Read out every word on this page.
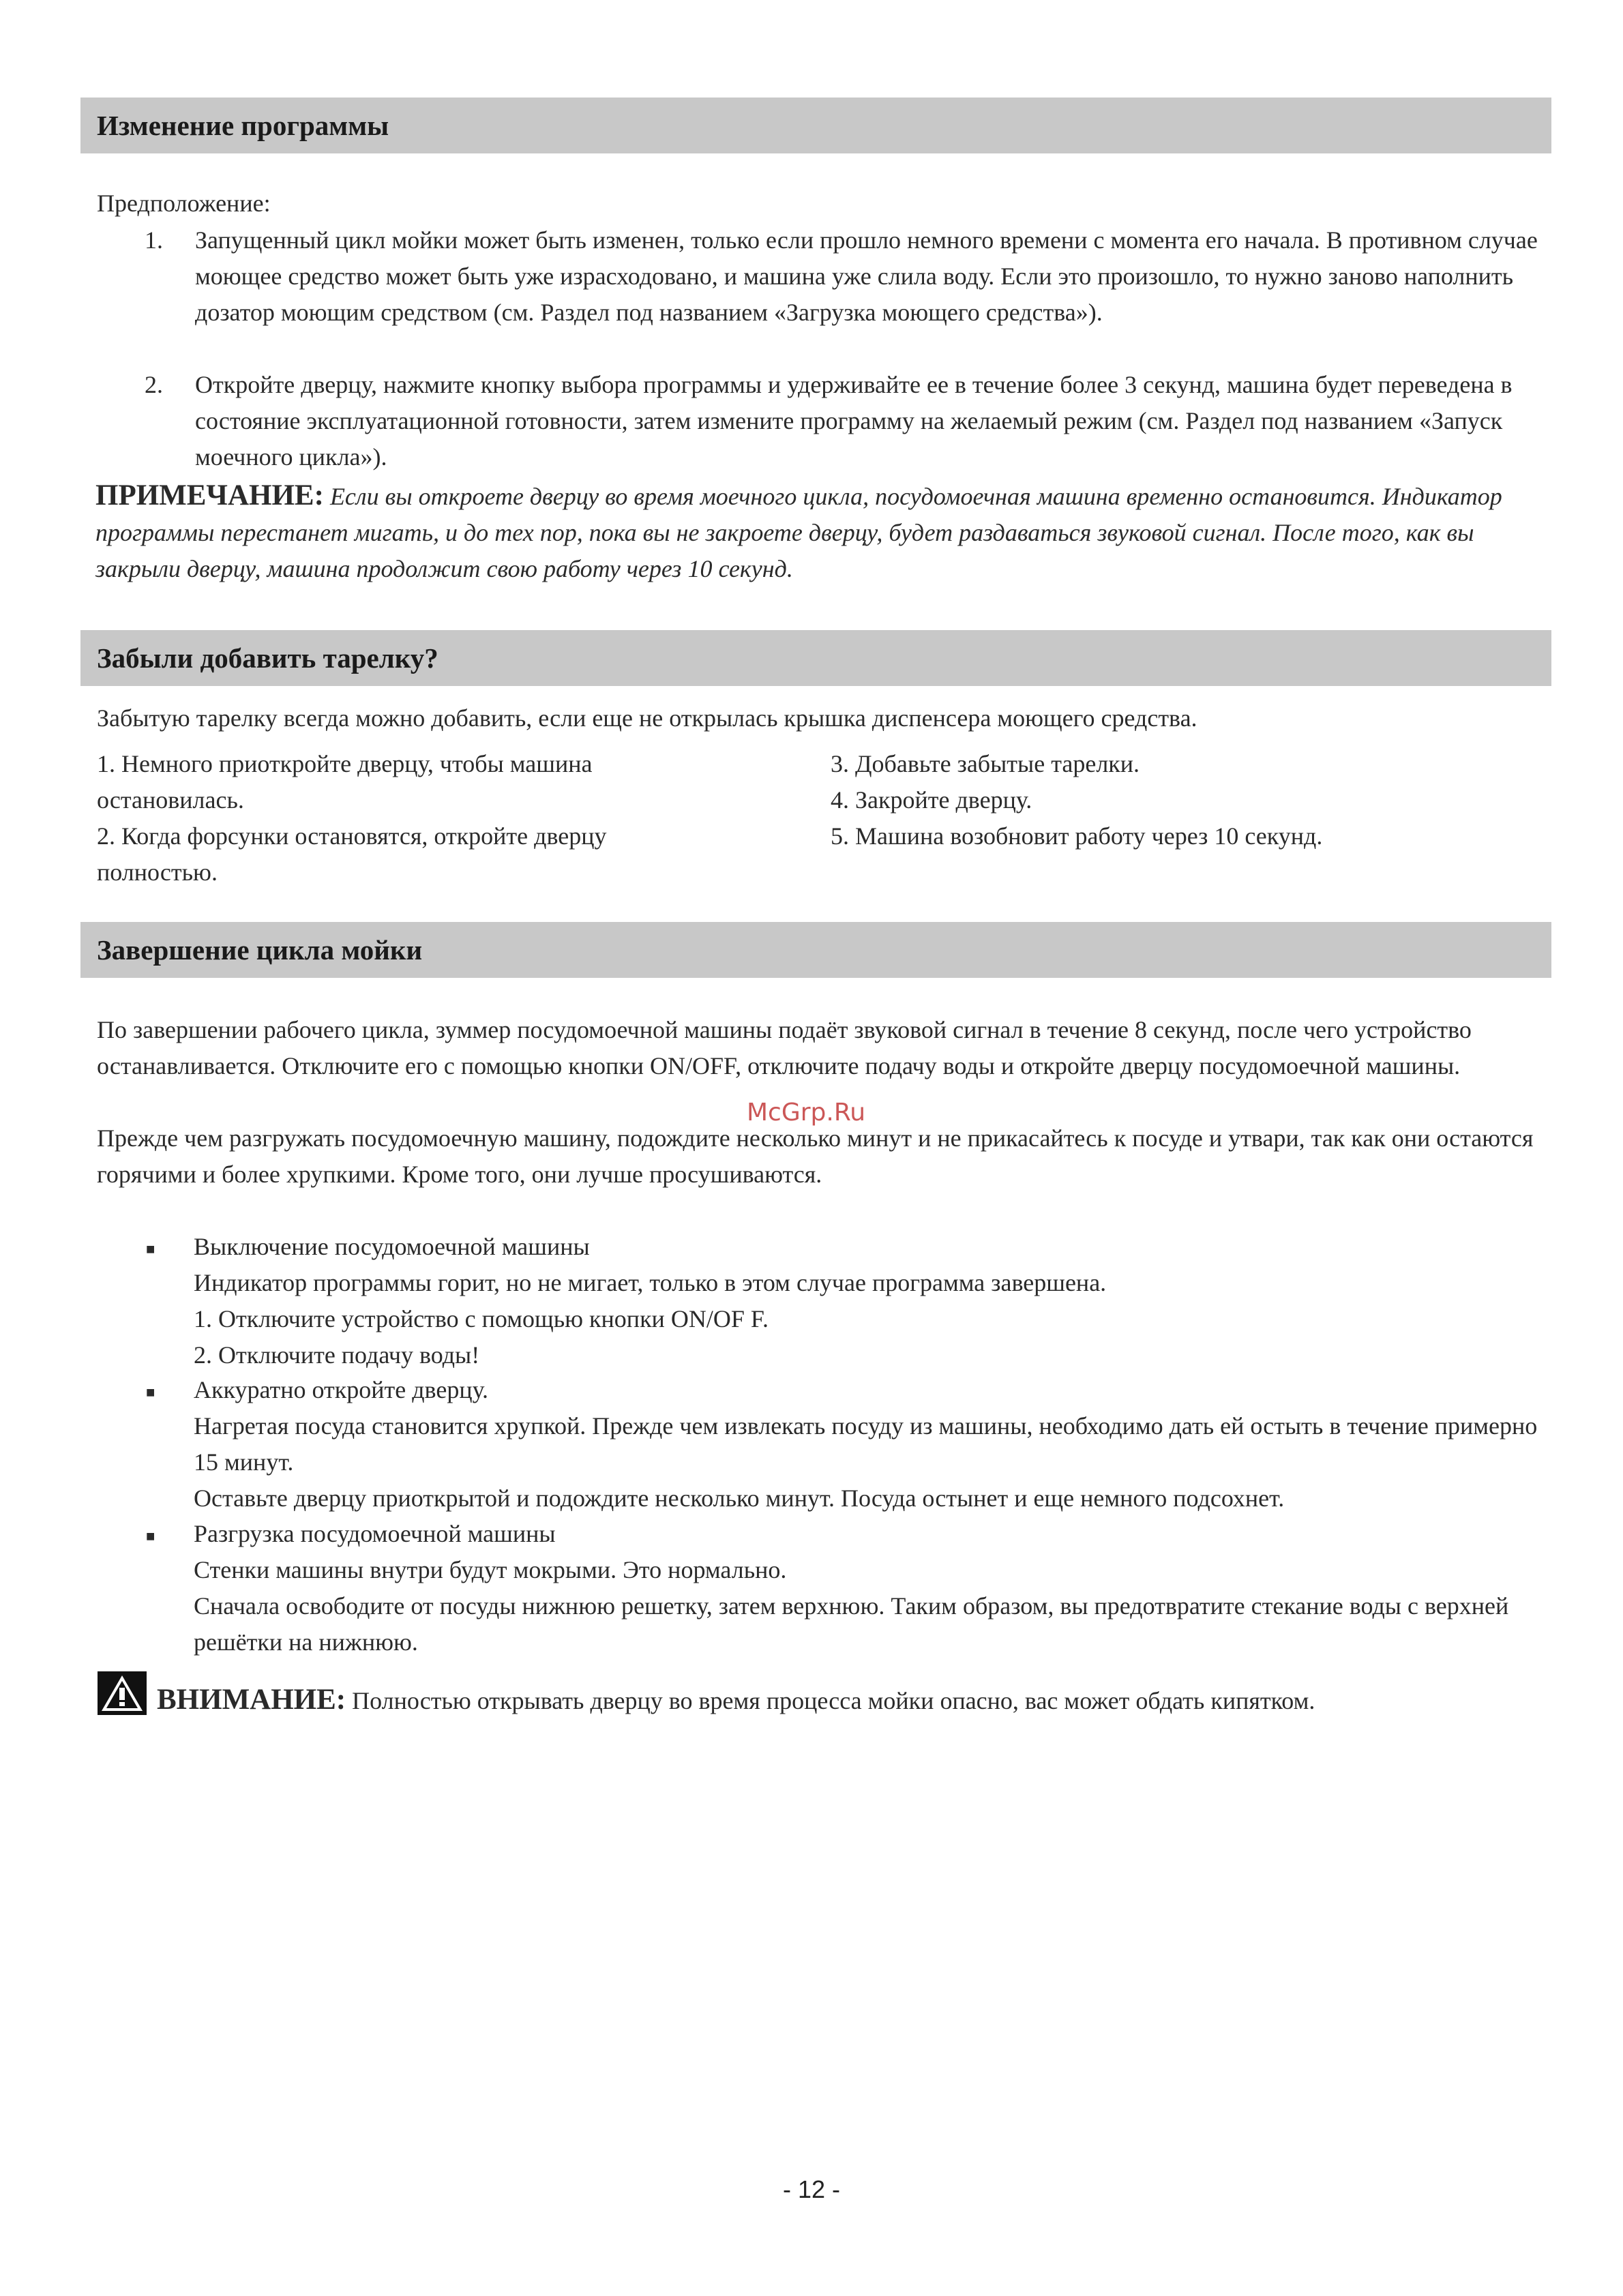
Изменение программы
Предположение:
1. Запущенный цикл мойки может быть изменен, только если прошло немного времени с момента его начала. В противном случае моющее средство может быть уже израсходовано, и машина уже слила воду. Если это произошло, то нужно заново наполнить дозатор моющим средством (см. Раздел под названием «Загрузка моющего средства»).
2. Откройте дверцу, нажмите кнопку выбора программы и удерживайте ее в течение более 3 секунд, машина будет переведена в состояние эксплуатационной готовности, затем измените программу на желаемый режим (см. Раздел под названием «Запуск моечного цикла»).
ПРИМЕЧАНИЕ: Если вы откроете дверцу во время моечного цикла, посудомоечная машина временно остановится. Индикатор программы перестанет мигать, и до тех пор, пока вы не закроете дверцу, будет раздаваться звуковой сигнал. После того, как вы закрыли дверцу, машина продолжит свою работу через 10 секунд.
Забыли добавить тарелку?
Забытую тарелку всегда можно добавить, если еще не открылась крышка диспенсера моющего средства.
1. Немного приоткройте дверцу, чтобы машина остановилась.
2. Когда форсунки остановятся, откройте дверцу полностью.
3. Добавьте забытые тарелки.
4. Закройте дверцу.
5. Машина возобновит работу через 10 секунд.
Завершение цикла мойки
По завершении рабочего цикла, зуммер посудомоечной машины подаёт звуковой сигнал в течение 8 секунд, после чего устройство останавливается. Отключите его с помощью кнопки ON/OFF, отключите подачу воды и откройте дверцу посудомоечной машины.
Прежде чем разгружать посудомоечную машину, подождите несколько минут и не прикасайтесь к посуде и утвари, так как они остаются горячими и более хрупкими. Кроме того, они лучше просушиваются.
■ Выключение посудомоечной машины
Индикатор программы горит, но не мигает, только в этом случае программа завершена.
1. Отключите устройство с помощью кнопки ON/OF F.
2. Отключите подачу воды!
■ Аккуратно откройте дверцу.
Нагретая посуда становится хрупкой. Прежде чем извлекать посуду из машины, необходимо дать ей остыть в течение примерно 15 минут.
Оставьте дверцу приоткрытой и подождите несколько минут. Посуда остынет и еще немного подсохнет.
■ Разгрузка посудомоечной машины
Стенки машины внутри будут мокрыми. Это нормально.
Сначала освободите от посуды нижнюю решетку, затем верхнюю. Таким образом, вы предотвратите стекание воды с верхней решётки на нижнюю.
ВНИМАНИЕ: Полностью открывать дверцу во время процесса мойки опасно, вас может обдать кипятком.
McGrp.Ru
- 12 -
